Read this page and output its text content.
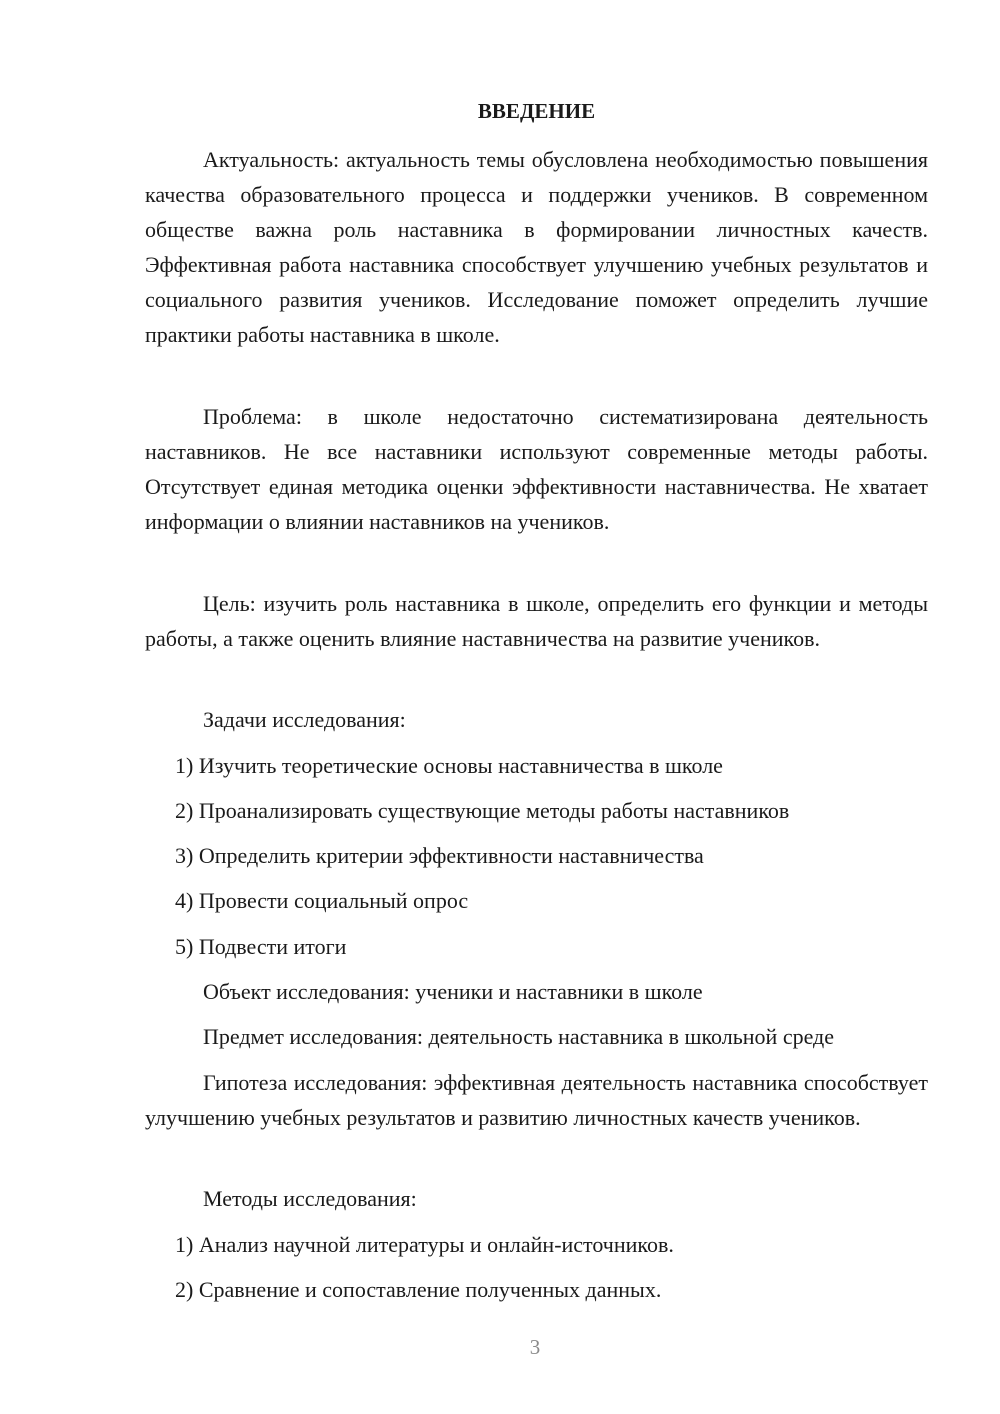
ВВЕДЕНИЕ

Актуальность: актуальность темы обусловлена необходимостью повышения качества образовательного процесса и поддержки учеников. В современном обществе важна роль наставника в формировании личностных качеств. Эффективная работа наставника способствует улучшению учебных результатов и социального развития учеников. Исследование поможет определить лучшие практики работы наставника в школе.

Проблема: в школе недостаточно систематизирована деятельность наставников. Не все наставники используют современные методы работы. Отсутствует единая методика оценки эффективности наставничества. Не хватает информации о влиянии наставников на учеников.

Цель: изучить роль наставника в школе, определить его функции и методы работы, а также оценить влияние наставничества на развитие учеников.

Задачи исследования:

1) Изучить теоретические основы наставничества в школе

2) Проанализировать существующие методы работы наставников

3) Определить критерии эффективности наставничества

4) Провести социальный опрос

5) Подвести итоги

Объект исследования: ученики и наставники в школе

Предмет исследования: деятельность наставника в школьной среде

Гипотеза исследования: эффективная деятельность наставника способствует улучшению учебных результатов и развитию личностных качеств учеников.

Методы исследования:

1) Анализ научной литературы и онлайн-источников.

2) Сравнение и сопоставление полученных данных.

3
